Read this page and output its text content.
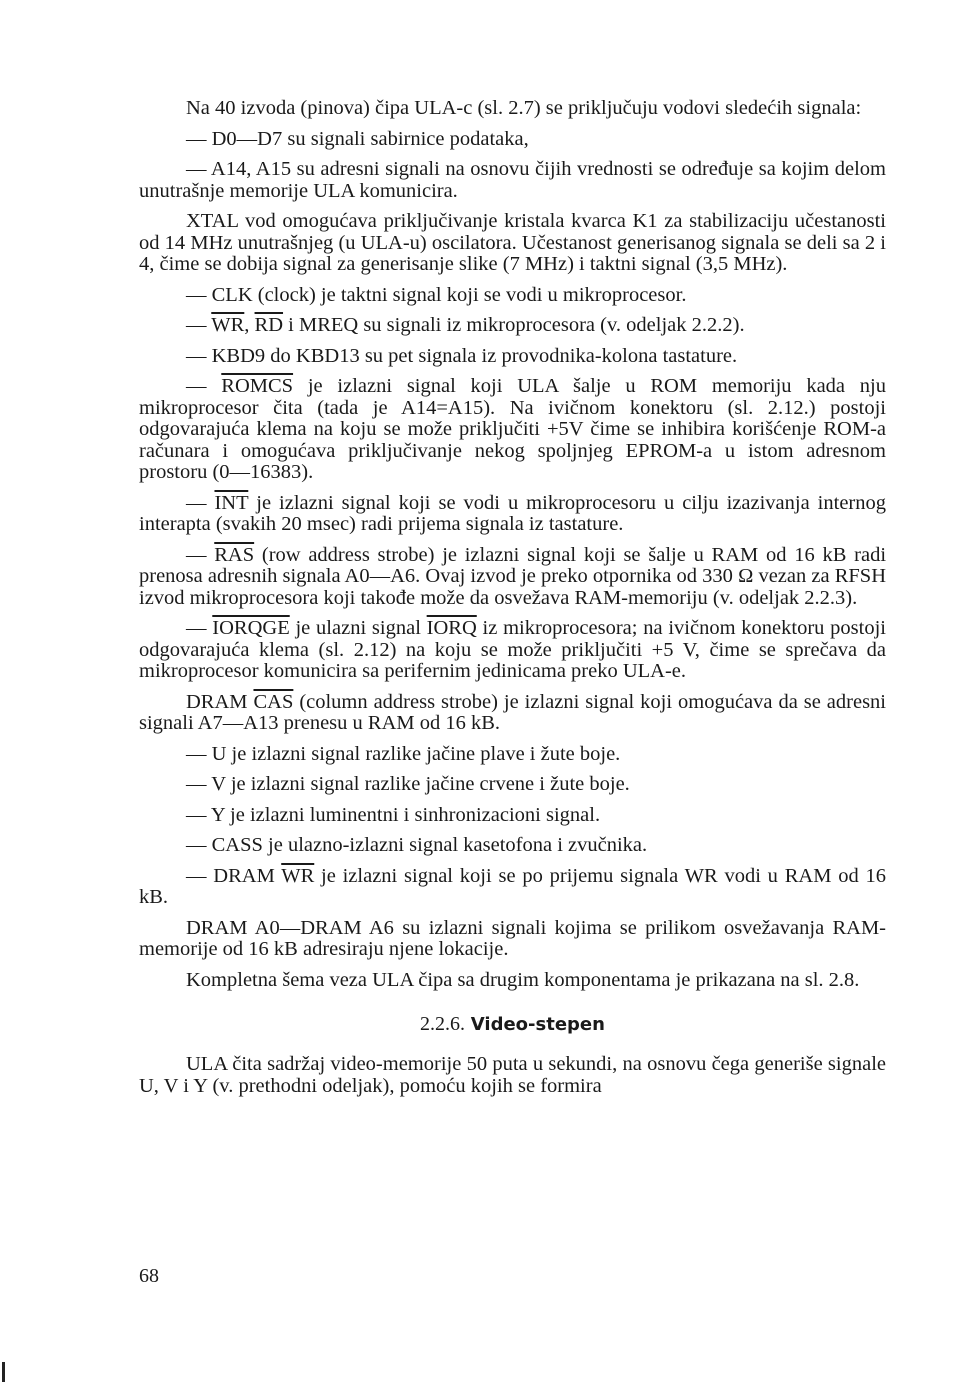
Na 40 izvoda (pinova) čipa ULA-c (sl. 2.7) se priključuju vodovi sledećih signala:

— D0—D7 su signali sabirnice podataka,

— A14, A15 su adresni signali na osnovu čijih vrednosti se određuje sa kojim delom unutrašnje memorije ULA komunicira.

XTAL vod omogućava priključivanje kristala kvarca K1 za stabilizaciju učestanosti od 14 MHz unutrašnjeg (u ULA-u) oscilatora. Učestanost generisanog signala se deli sa 2 i 4, čime se dobija signal za generisanje slike (7 MHz) i taktni signal (3,5 MHz).

— CLK (clock) je taktni signal koji se vodi u mikroprocesor.

— $\overline{WR}$, $\overline{RD}$ i MREQ su signali iz mikroprocesora (v. odeljak 2.2.2).

— KBD9 do KBD13 su pet signala iz provodnika-kolona tastature.

— ROMCS je izlazni signal koji ULA šalje u ROM memoriju kada nju mikroprocesor čita (tada je A14=A15). Na ivičnom konektoru (sl. 2.12.) postoji odgovarajuća klema na koju se može priključiti +5V čime se inhibira korišćenje ROM-a računara i omogućava priključivanje nekog spoljnjeg EPROM-a u istom adresnom prostoru (0—16383).

— $\overline{INT}$ je izlazni signal koji se vodi u mikroprocesoru u cilju izazivanja internog interapta (svakih 20 msec) radi prijema signala iz tastature.

— $\overline{RAS}$ (row address strobe) je izlazni signal koji se šalje u RAM od 16 kB radi prenosa adresnih signala A0—A6. Ovaj izvod je preko otpornika od 330 Ω vezan za RFSH izvod mikroprocesora koji takođe može da osvežava RAM-memoriju (v. odeljak 2.2.3).

— IORQGE je ulazni signal IORQ iz mikroprocesora; na ivičnom konektoru postoji odgovarajuća klema (sl. 2.12) na koju se može priključiti +5 V, čime se sprečava da mikroprocesor komunicira sa perifernim jedinicama preko ULA-e.

DRAM $\overline{CAS}$ (column address strobe) je izlazni signal koji omogućava da se adresni signali A7—A13 prenesu u RAM od 16 kB.

— U je izlazni signal razlike jačine plave i žute boje.

— V je izlazni signal razlike jačine crvene i žute boje.

— Y je izlazni luminentni i sinhronizacioni signal.

— CASS je ulazno-izlazni signal kasetofona i zvučnika.

— DRAM $\overline{WR}$ je izlazni signal koji se po prijemu signala WR vodi u RAM od 16 kB.

DRAM A0—DRAM A6 su izlazni signali kojima se prilikom osvežavanja RAM-memorije od 16 kB adresiraju njene lokacije.

Kompletna šema veza ULA čipa sa drugim komponentama je prikazana na sl. 2.8.

2.2.6. Video-stepen

ULA čita sadržaj video-memorije 50 puta u sekundi, na osnovu čega generiše signale U, V i Y (v. prethodni odeljak), pomoću kojih se formira

68
